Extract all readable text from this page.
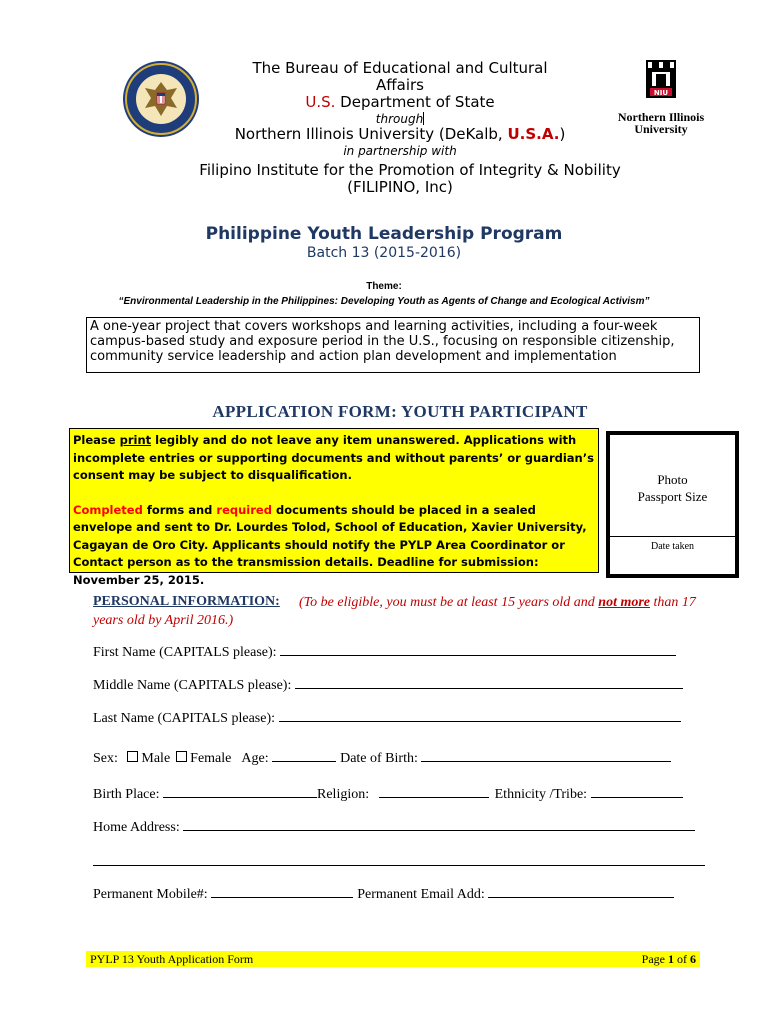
NIU
Northern Illinois
University
The Bureau of Educational and Cultural
Affairs
U.S. Department of State
through
Northern Illinois University (DeKalb, U.S.A.)
in partnership with
Filipino Institute for the Promotion of Integrity & Nobility
(FILIPINO, Inc)
Philippine Youth Leadership Program
Batch 13 (2015-2016)
Theme:
“Environmental Leadership in the Philippines: Developing Youth as Agents of Change and Ecological Activism”
A one-year project that covers workshops and learning activities, including a four-week campus-based study and exposure period in the U.S., focusing on responsible citizenship, community service leadership and action plan development and implementation
APPLICATION FORM: YOUTH PARTICIPANT

Please print legibly and do not leave any item unanswered. Applications with incomplete entries or supporting documents and without parents’ or guardian’s consent may be subject to disqualification.

Completed forms and required documents should be placed in a sealed envelope and sent to Dr. Lourdes Tolod, School of Education, Xavier University, Cagayan de Oro City. Applicants should notify the PYLP Area Coordinator or Contact person as to the transmission details. Deadline for submission: November 25, 2015.

Photo
Passport Size
Date taken
PERSONAL INFORMATION:	(To be eligible, you must be at least 15 years old and not more than 17 years old by April 2016.)
First Name (CAPITALS please):
Middle Name (CAPITALS please):
Last Name (CAPITALS please):
Sex: Male Female Age:	Date of Birth:
Birth Place:	Religion:	Ethnicity /Tribe:
Home Address:
Permanent Mobile#:	Permanent Email Add:
PYLP 13 Youth Application Form	Page 1 of 6
